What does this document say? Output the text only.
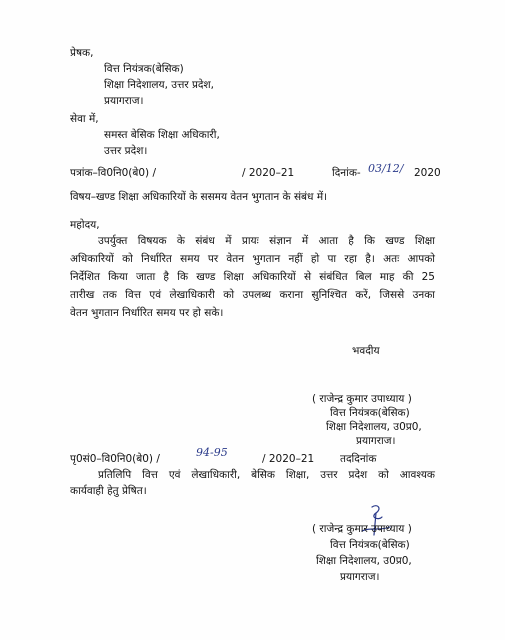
प्रेषक,
वित्त नियंत्रक(बेसिक)
शिक्षा निदेशालय, उत्तर प्रदेश,
प्रयागराज।
सेवा में,
समस्त बेसिक शिक्षा अधिकारी,
उत्तर प्रदेश।
पत्रांक–वि0नि0(बे0) /	/ 2020–21	दिनांक- 03/12/ 2020
विषय–खण्ड शिक्षा अधिकारियों के ससमय वेतन भुगतान के संबंध में।
महोदय,
उपर्युक्त विषयक के संबंध में प्रायः संज्ञान में आता है कि खण्ड शिक्षा
अधिकारियों को निर्धारित समय पर वेतन भुगतान नहीं हो पा रहा है। अतः आपको
निर्देशित किया जाता है कि खण्ड शिक्षा अधिकारियों से संबंधित बिल माह की 25
तारीख तक वित्त एवं लेखाधिकारी को उपलब्ध कराना सुनिश्चित करें, जिससे उनका
वेतन भुगतान निर्धारित समय पर हो सके।
भवदीय
( राजेन्द्र कुमार उपाध्याय )
वित्त नियंत्रक(बेसिक)
शिक्षा निदेशालय, उ0प्र0,
प्रयागराज।
पृ0सं0–वि0नि0(बे0) /	94-95	/ 2020–21 तददिनांक
प्रतिलिपि वित्त एवं लेखाधिकारी, बेसिक शिक्षा, उत्तर प्रदेश को आवश्यक
कार्यवाही हेतु प्रेषित।
( राजेन्द्र कुमार उपाध्याय )
वित्त नियंत्रक(बेसिक)
शिक्षा निदेशालय, उ0प्र0,
प्रयागराज।
